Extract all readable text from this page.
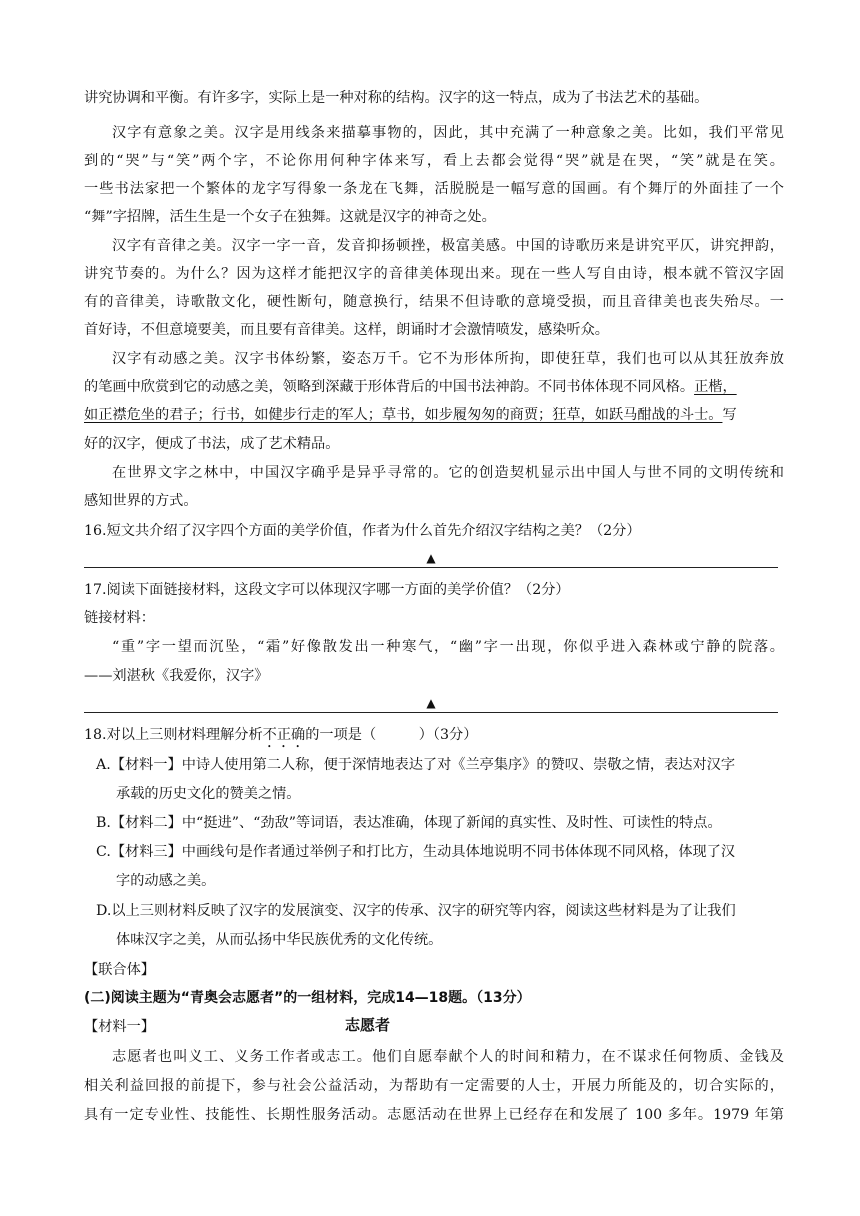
讲究协调和平衡。有许多字，实际上是一种对称的结构。汉字的这一特点，成为了书法艺术的基础。
汉字有意象之美。汉字是用线条来描摹事物的，因此，其中充满了一种意象之美。比如，我们平常见
到的“哭”与“笑”两个字，不论你用何种字体来写，看上去都会觉得“哭”就是在哭，“笑”就是在笑。
一些书法家把一个繁体的龙字写得象一条龙在飞舞，活脱脱是一幅写意的国画。有个舞厅的外面挂了一个
“舞”字招牌，活生生是一个女子在独舞。这就是汉字的神奇之处。
汉字有音律之美。汉字一字一音，发音抑扬顿挫，极富美感。中国的诗歌历来是讲究平仄，讲究押韵，
讲究节奏的。为什么？因为这样才能把汉字的音律美体现出来。现在一些人写自由诗，根本就不管汉字固
有的音律美，诗歌散文化，硬性断句，随意换行，结果不但诗歌的意境受损，而且音律美也丧失殆尽。一
首好诗，不但意境要美，而且要有音律美。这样，朗诵时才会激情喷发，感染听众。
汉字有动感之美。汉字书体纷繁，姿态万千。它不为形体所拘，即使狂草，我们也可以从其狂放奔放
的笔画中欣赏到它的动感之美，领略到深藏于形体背后的中国书法神韵。不同书体体现不同风格。正楷，
如正襟危坐的君子；行书，如健步行走的军人；草书，如步履匆匆的商贾；狂草，如跃马酣战的斗士。写
好的汉字，便成了书法，成了艺术精品。
在世界文字之林中，中国汉字确乎是异乎寻常的。它的创造契机显示出中国人与世不同的文明传统和
感知世界的方式。
16.短文共介绍了汉字四个方面的美学价值，作者为什么首先介绍汉字结构之美？（2分）
▲
17.阅读下面链接材料，这段文字可以体现汉字哪一方面的美学价值？（2分）
链接材料：
“重”字一望而沉坠，“霜”好像散发出一种寒气，“幽”字一出现，你似乎进入森林或宁静的院落。
——刘湛秋《我爱你，汉字》
▲
18.对以上三则材料理解分析不正确的一项是（　　　）（3分）
A.【材料一】中诗人使用第二人称，便于深情地表达了对《兰亭集序》的赞叹、崇敬之情，表达对汉字
承载的历史文化的赞美之情。
B.【材料二】中“挺进”、“劲敌”等词语，表达准确，体现了新闻的真实性、及时性、可读性的特点。
C.【材料三】中画线句是作者通过举例子和打比方，生动具体地说明不同书体体现不同风格，体现了汉
字的动感之美。
D.以上三则材料反映了汉字的发展演变、汉字的传承、汉字的研究等内容，阅读这些材料是为了让我们
体味汉字之美，从而弘扬中华民族优秀的文化传统。
【联合体】
(二)阅读主题为“青奥会志愿者”的一组材料，完成14—18题。（13分）
【材料一】	志愿者
志愿者也叫义工、义务工作者或志工。他们自愿奉献个人的时间和精力，在不谋求任何物质、金钱及
相关利益回报的前提下，参与社会公益活动，为帮助有一定需要的人士，开展力所能及的，切合实际的，
具有一定专业性、技能性、长期性服务活动。志愿活动在世界上已经存在和发展了 100 多年。1979 年第
